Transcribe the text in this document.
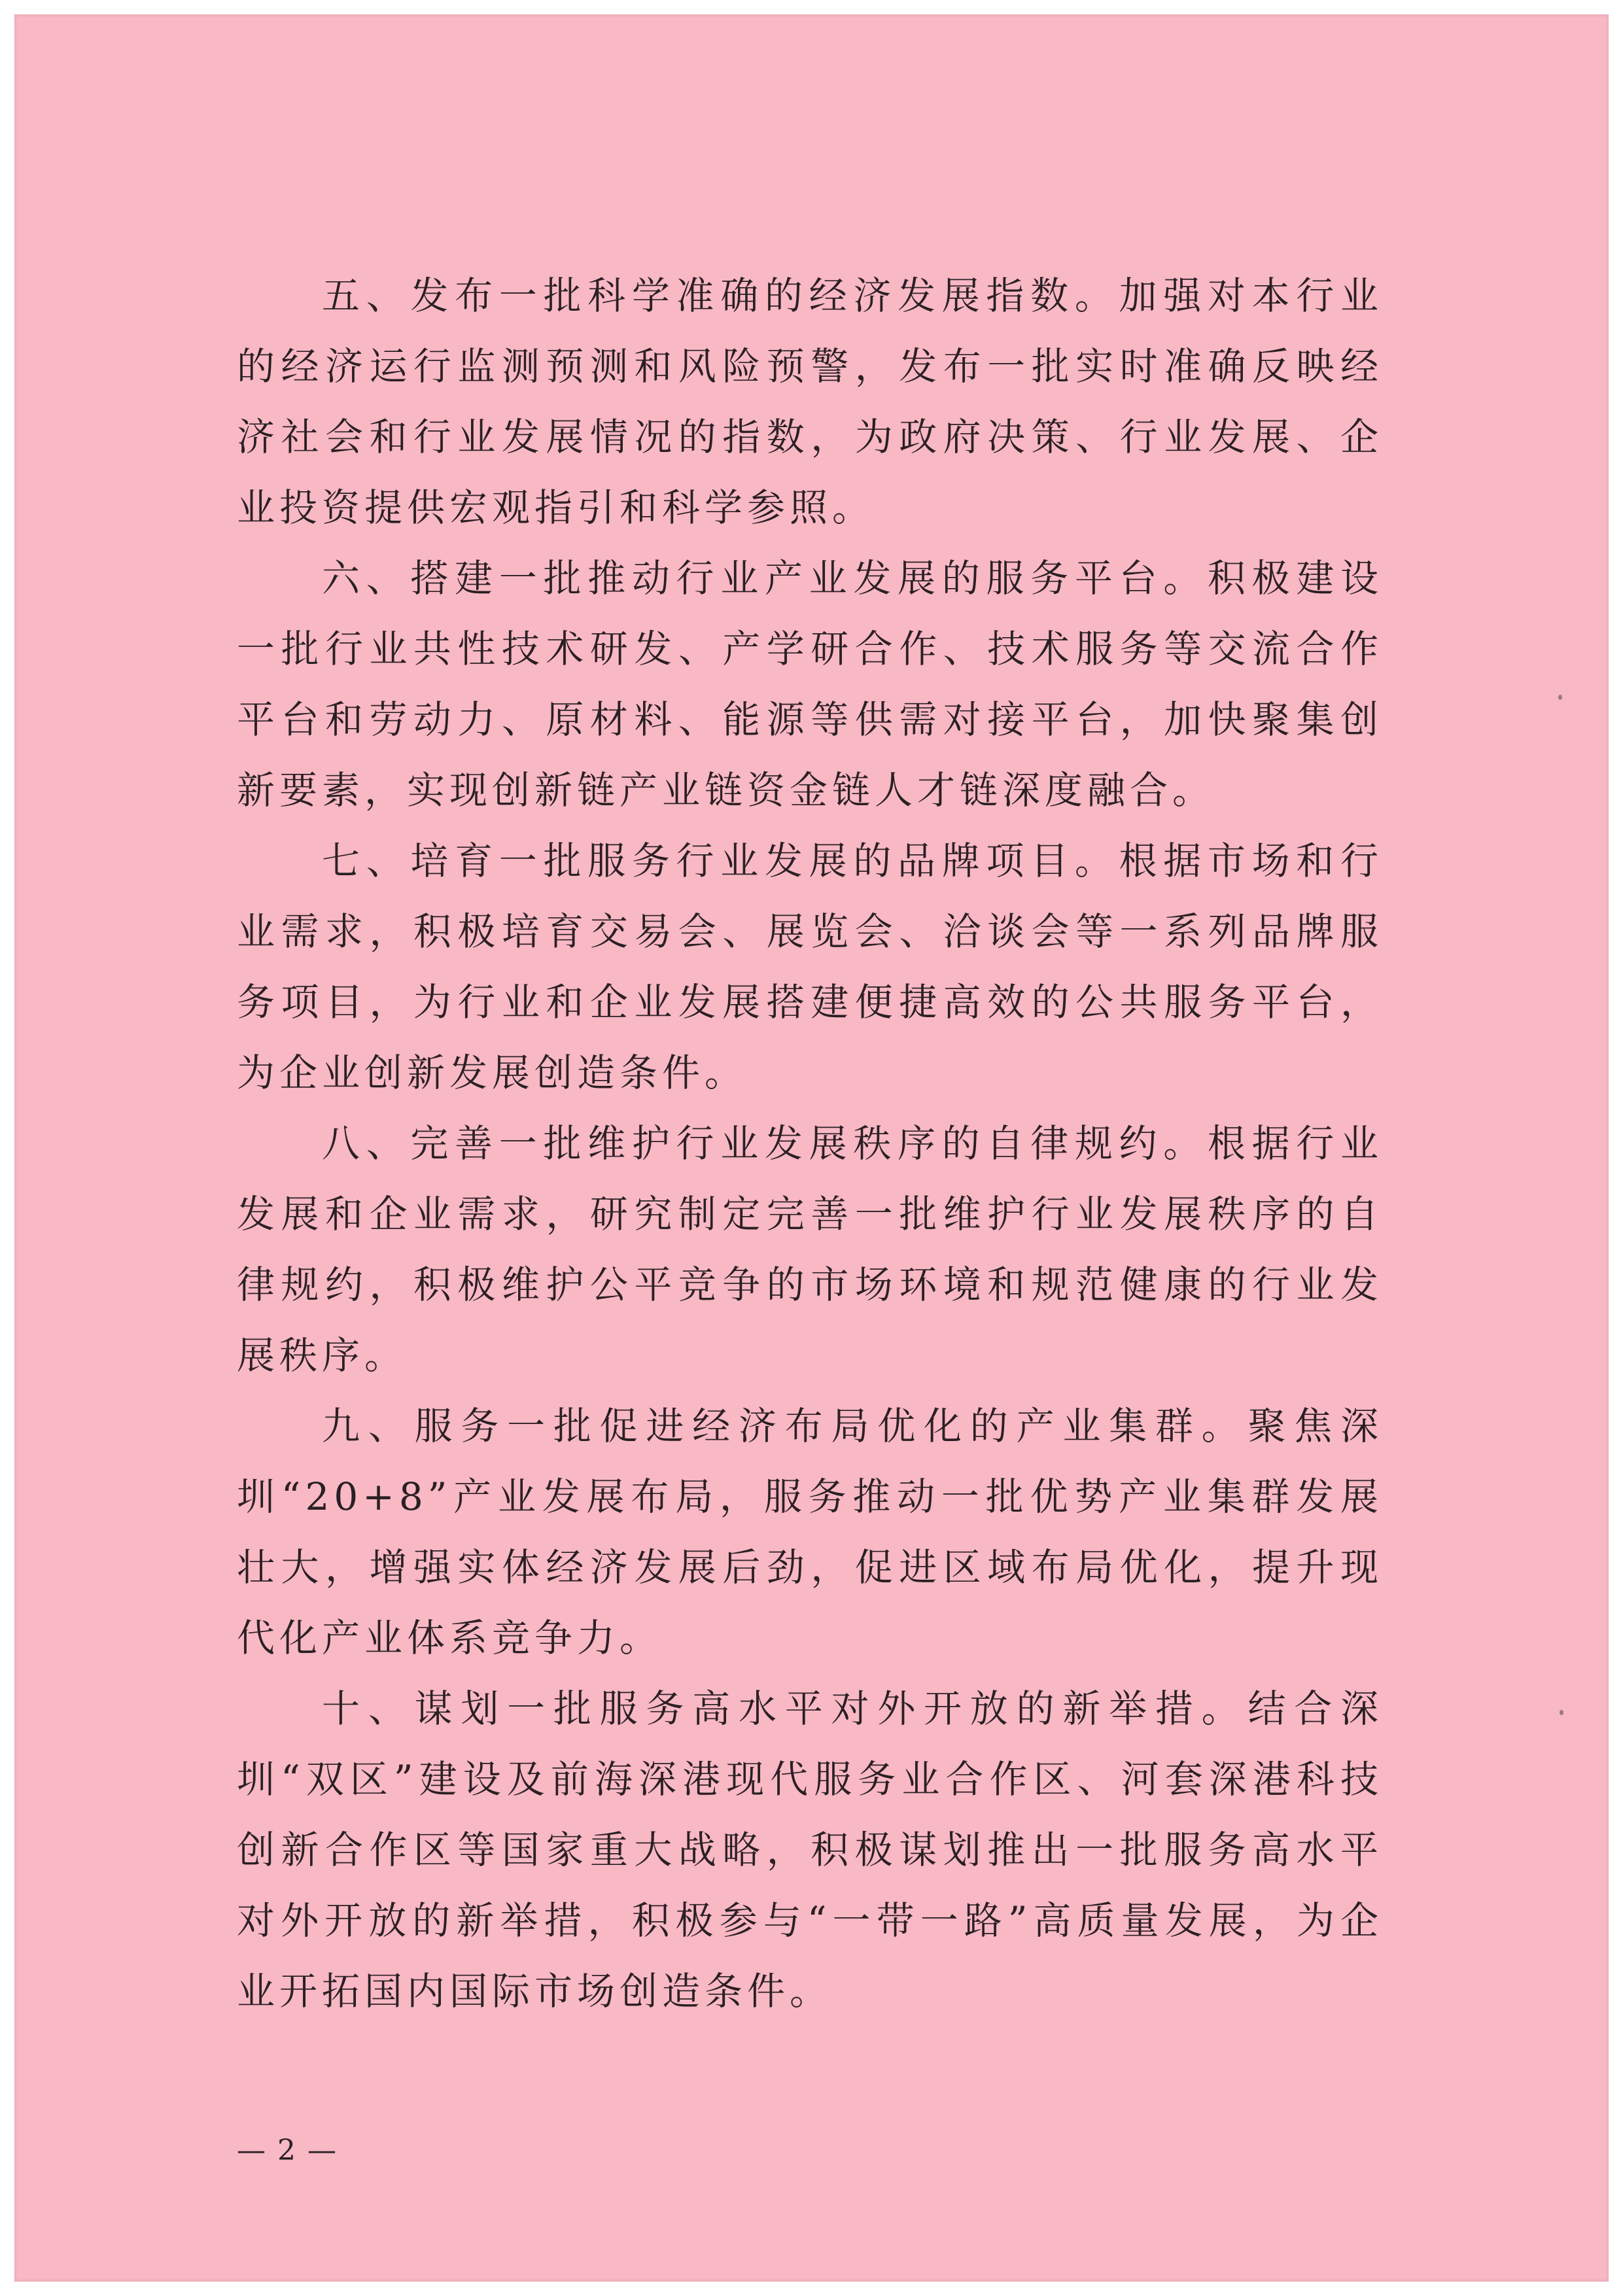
五、发布一批科学准确的经济发展指数。加强对本行业的经济运行监测预测和风险预警，发布一批实时准确反映经济社会和行业发展情况的指数，为政府决策、行业发展、企业投资提供宏观指引和科学参照。

六、搭建一批推动行业产业发展的服务平台。积极建设一批行业共性技术研发、产学研合作、技术服务等交流合作平台和劳动力、原材料、能源等供需对接平台，加快聚集创新要素，实现创新链产业链资金链人才链深度融合。

七、培育一批服务行业发展的品牌项目。根据市场和行业需求，积极培育交易会、展览会、洽谈会等一系列品牌服务项目，为行业和企业发展搭建便捷高效的公共服务平台，为企业创新发展创造条件。

八、完善一批维护行业发展秩序的自律规约。根据行业发展和企业需求，研究制定完善一批维护行业发展秩序的自律规约，积极维护公平竞争的市场环境和规范健康的行业发展秩序。

九、服务一批促进经济布局优化的产业集群。聚焦深圳“20+8”产业发展布局，服务推动一批优势产业集群发展壮大，增强实体经济发展后劲，促进区域布局优化，提升现代化产业体系竞争力。

十、谋划一批服务高水平对外开放的新举措。结合深圳“双区”建设及前海深港现代服务业合作区、河套深港科技创新合作区等国家重大战略，积极谋划推出一批服务高水平对外开放的新举措，积极参与“一带一路”高质量发展，为企业开拓国内国际市场创造条件。

— 2 —
